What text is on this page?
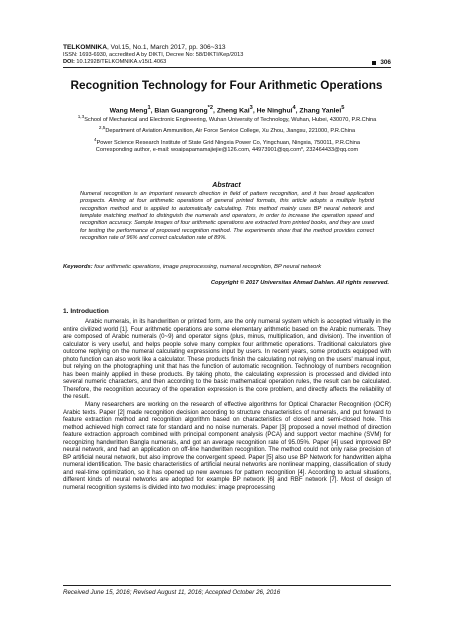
TELKOMNIKA, Vol.15, No.1, March 2017, pp. 306~313
ISSN: 1693-6930, accredited A by DIKTI, Decree No: 58/DIKTI/Kep/2013
DOI: 10.12928/TELKOMNIKA.v15i1.4063	306
Recognition Technology for Four Arithmetic Operations
Wang Meng$^1$, Bian Guangrong$^{*2}$, Zheng Kai$^3$, He Ninghui$^4$, Zhang Yanlei$^5$
$^{1,3}$School of Mechanical and Electronic Engineering, Wuhan University of Technology, Wuhan, Hubei, 430070, P.R.China
$^{2,5}$Department of Aviation Ammunition, Air Force Service College, Xu Zhou, Jiangsu, 221000, P.R.China
$^4$Power Science Research Institute of State Grid Ningxia Power Co, Yingchuan, Ningxia, 750011, P.R.China
Corresponding author, e-mail: woaipapamamajiejie@126.com, 44973901@qq.com*, 232464433@qq.com
Abstract
Numeral recognition is an important research direction in field of pattern recognition, and it has broad application prospects. Aiming at four arithmetic operations of general printed formats, this article adopts a multiple hybrid recognition method and is applied to automatically calculating. This method mainly uses BP neural network and template matching method to distinguish the numerals and operators, in order to increase the operation speed and recognition accuracy. Sample images of four arithmetic operations are extracted from printed books, and they are used for testing the performance of proposed recognition method. The experiments show that the method provides correct recognition rate of 96% and correct calculation rate of 89%.
Keywords: four arithmetic operations, image preprocessing, numeral recognition, BP neural network
Copyright © 2017 Universitas Ahmad Dahlan. All rights reserved.
1. Introduction

Arabic numerals, in its handwritten or printed form, are the only numeral system which is accepted virtually in the entire civilized world [1]. Four arithmetic operations are some elementary arithmetic based on the Arabic numerals. They are composed of Arabic numerals (0~9) and operator signs (plus, minus, multiplication, and division). The invention of calculator is very useful, and helps people solve many complex four arithmetic operations. Traditional calculators give outcome replying on the numeral calculating expressions input by users. In recent years, some products equipped with photo function can also work like a calculator. These products finish the calculating not relying on the users' manual input, but relying on the photographing unit that has the function of automatic recognition. Technology of numbers recognition has been mainly applied in these products. By taking photo, the calculating expression is processed and divided into several numeric characters, and then according to the basic mathematical operation rules, the result can be calculated. Therefore, the recognition accuracy of the operation expression is the core problem, and directly affects the reliability of the result.

Many researchers are working on the research of effective algorithms for Optical Character Recognition (OCR) Arabic texts. Paper [2] made recognition decision according to structure characteristics of numerals, and put forward to feature extraction method and recognition algorithm based on characteristics of closed and semi-closed hole. This method achieved high correct rate for standard and no noise numerals. Paper [3] proposed a novel method of direction feature extraction approach combined with principal component analysis (PCA) and support vector machine (SVM) for recognizing handwritten Bangla numerals, and got an average recognition rate of 95.05%. Paper [4] used improved BP neural network, and had an application on off-line handwritten recognition. The method could not only raise precision of BP artificial neural network, but also improve the convergent speed. Paper [5] also use BP Network for handwritten alpha numeral identification. The basic characteristics of artificial neural networks are nonlinear mapping, classification of study and real-time optimization, so it has opened up new avenues for pattern recognition [4]. According to actual situations, different kinds of neural networks are adopted for example BP network [6] and RBF network [7]. Most of design of numeral recognition systems is divided into two modules: image preprocessing

Received June 15, 2016; Revised August 11, 2016; Accepted October 26, 2016
